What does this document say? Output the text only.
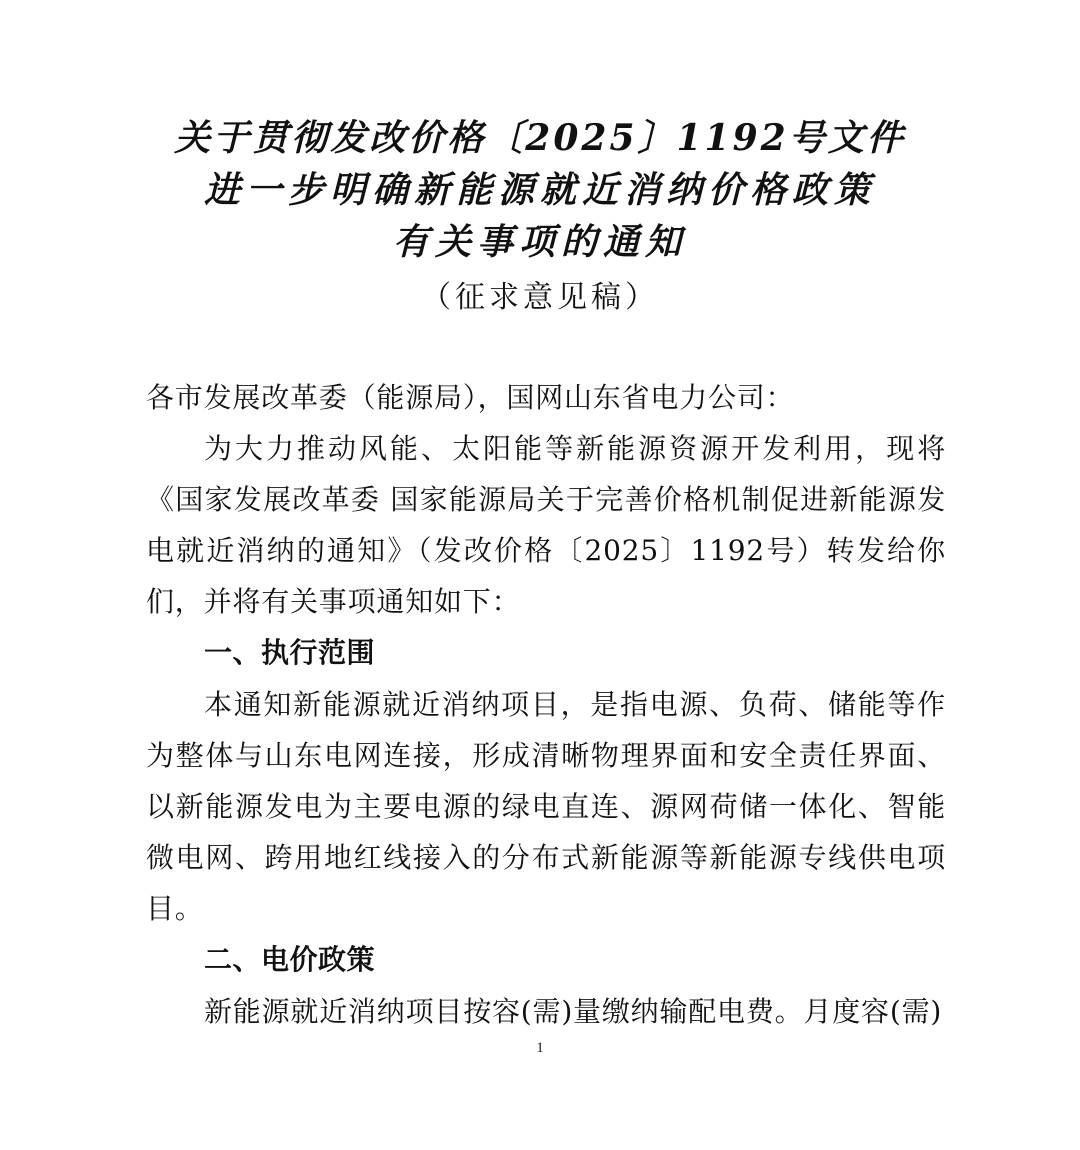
关于贯彻发改价格〔2025〕1192号文件
进一步明确新能源就近消纳价格政策
有关事项的通知
（征求意见稿）

各市发展改革委（能源局），国网山东省电力公司：

为大力推动风能、太阳能等新能源资源开发利用，现将《国家发展改革委 国家能源局关于完善价格机制促进新能源发电就近消纳的通知》（发改价格〔2025〕1192号）转发给你们，并将有关事项通知如下：

一、执行范围

本通知新能源就近消纳项目，是指电源、负荷、储能等作为整体与山东电网连接，形成清晰物理界面和安全责任界面、以新能源发电为主要电源的绿电直连、源网荷储一体化、智能微电网、跨用地红线接入的分布式新能源等新能源专线供电项目。

二、电价政策

新能源就近消纳项目按容(需)量缴纳输配电费。月度容(需)

1
